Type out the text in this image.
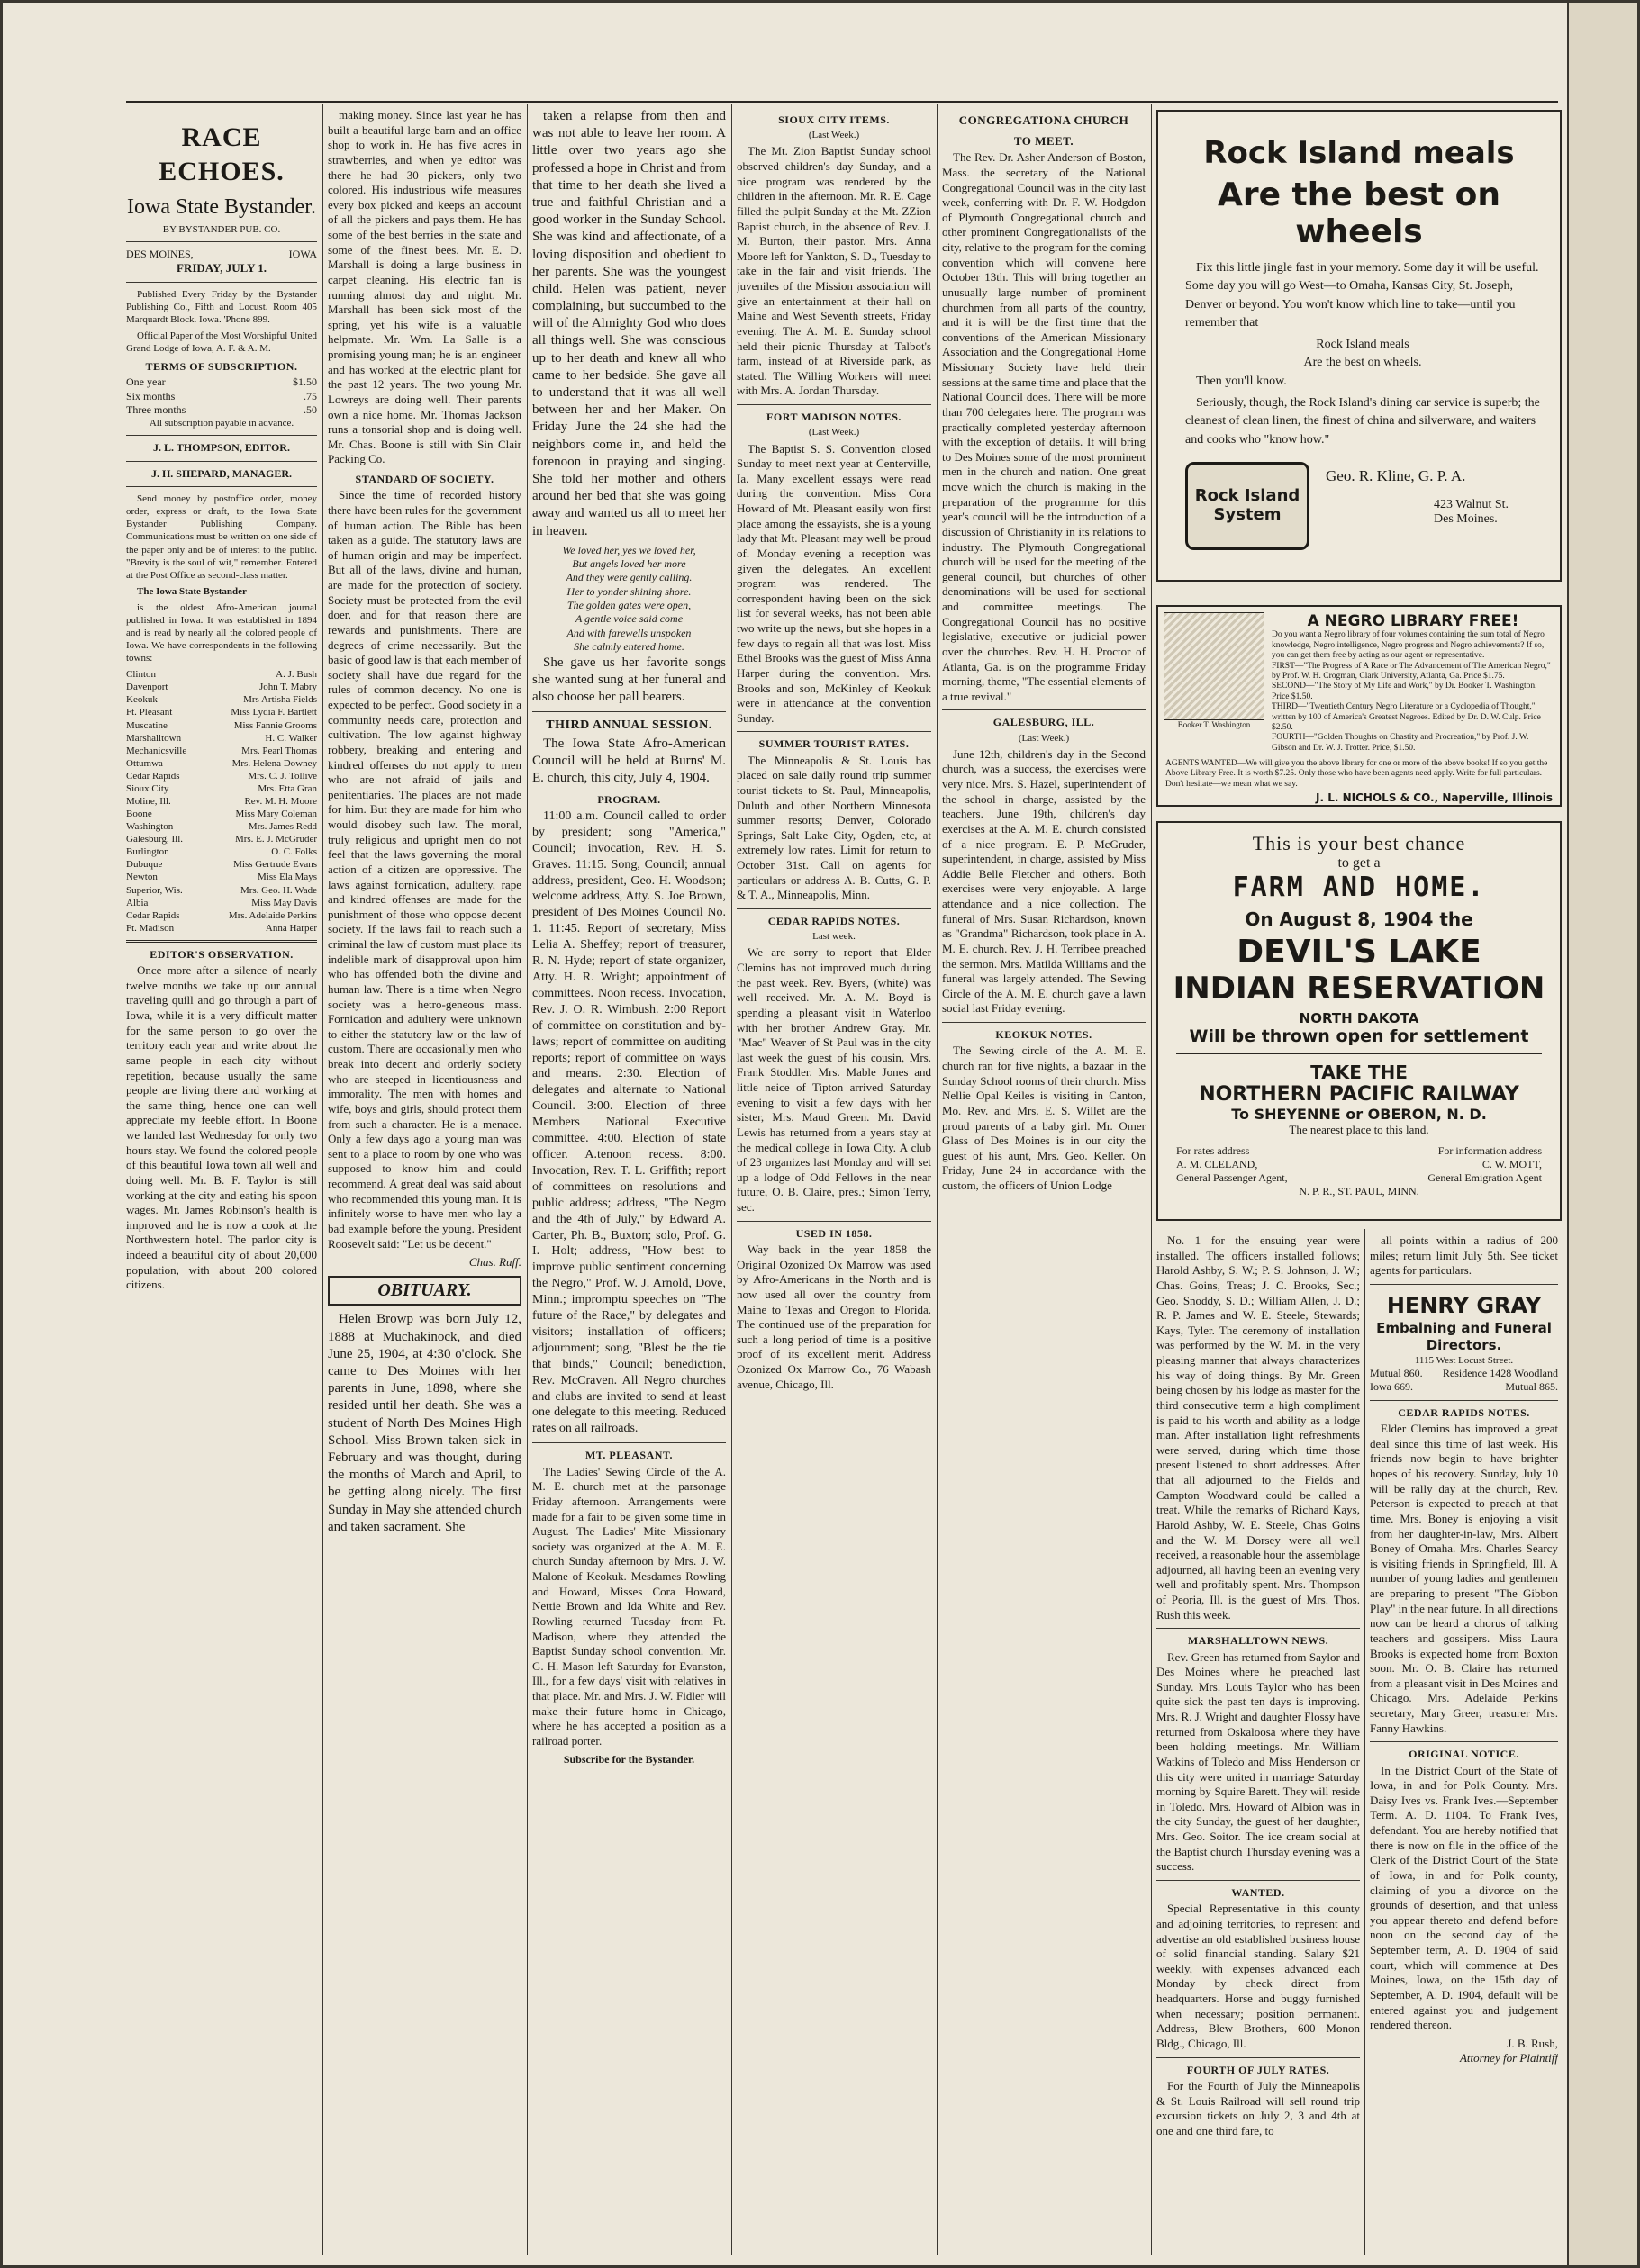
RACE ECHOES.
Iowa State Bystander.
BY BYSTANDER PUB. CO.
DES MOINES,	IOWA
FRIDAY, JULY 1.

Published Every Friday by the Bystander Publishing Co., Fifth and Locust. Room 405 Marquardt Block. Iowa. 'Phone 899.

Official Paper of the Most Worshipful United Grand Lodge of Iowa, A. F. & A. M.

TERMS OF SUBSCRIPTION.
One year	$1.50
Six months	.75
Three months	.50
All subscription payable in advance.
J. L. THOMPSON, EDITOR.
J. H. SHEPARD, MANAGER.

Send money by postoffice order, money order, express or draft, to the Iowa State Bystander Publishing Company. Communications must be written on one side of the paper only and be of interest to the public. "Brevity is the soul of wit," remember. Entered at the Post Office as second-class matter.

The Iowa State Bystander

is the oldest Afro-American journal published in Iowa. It was established in 1894 and is read by nearly all the colored people of Iowa. We have correspondents in the following towns:

Clinton	A. J. Bush
Davenport	John T. Mabry
Keokuk	Mrs Artisha Fields
Ft. Pleasant	Miss Lydia F. Bartlett
Muscatine	Miss Fannie Grooms
Marshalltown	H. C. Walker
Mechanicsville	Mrs. Pearl Thomas
Ottumwa	Mrs. Helena Downey
Cedar Rapids	Mrs. C. J. Tollive
Sioux City	Mrs. Etta Gran
Moline, Ill.	Rev. M. H. Moore
Boone	Miss Mary Coleman
Washington	Mrs. James Redd
Galesburg, Ill.	Mrs. E. J. McGruder
Burlington	O. C. Folks
Dubuque	Miss Gertrude Evans
Newton	Miss Ela Mays
Superior, Wis.	Mrs. Geo. H. Wade
Albia	Miss May Davis
Cedar Rapids	Mrs. Adelaide Perkins
Ft. Madison	Anna Harper
EDITOR'S OBSERVATION.

Once more after a silence of nearly twelve months we take up our annual traveling quill and go through a part of Iowa, while it is a very difficult matter for the same person to go over the territory each year and write about the same people in each city without repetition, because usually the same people are living there and working at the same thing, hence one can well appreciate my feeble effort. In Boone we landed last Wednesday for only two hours stay. We found the colored people of this beautiful Iowa town all well and doing well. Mr. B. F. Taylor is still working at the city and eating his spoon wages. Mr. James Robinson's health is improved and he is now a cook at the Northwestern hotel. The parlor city is indeed a beautiful city of about 20,000 population, with about 200 colored citizens.

making money. Since last year he has built a beautiful large barn and an office shop to work in. He has five acres in strawberries, and when ye editor was there he had 30 pickers, only two colored. His industrious wife measures every box picked and keeps an account of all the pickers and pays them. He has some of the best berries in the state and some of the finest bees. Mr. E. D. Marshall is doing a large business in carpet cleaning. His electric fan is running almost day and night. Mr. Marshall has been sick most of the spring, yet his wife is a valuable helpmate. Mr. Wm. La Salle is a promising young man; he is an engineer and has worked at the electric plant for the past 12 years. The two young Mr. Lowreys are doing well. Their parents own a nice home. Mr. Thomas Jackson runs a tonsorial shop and is doing well. Mr. Chas. Boone is still with Sin Clair Packing Co.

STANDARD OF SOCIETY.

Since the time of recorded history there have been rules for the government of human action. The Bible has been taken as a guide. The statutory laws are of human origin and may be imperfect. But all of the laws, divine and human, are made for the protection of society. Society must be protected from the evil doer, and for that reason there are rewards and punishments. There are degrees of crime necessarily. But the basic of good law is that each member of society shall have due regard for the rules of common decency. No one is expected to be perfect. Good society in a community needs care, protection and cultivation. The low against highway robbery, breaking and entering and kindred offenses do not apply to men who are not afraid of jails and penitentiaries. The places are not made for him. But they are made for him who would disobey such law. The moral, truly religious and upright men do not feel that the laws governing the moral action of a citizen are oppressive. The laws against fornication, adultery, rape and kindred offenses are made for the punishment of those who oppose decent society. If the laws fail to reach such a criminal the law of custom must place its indelible mark of disapproval upon him who has offended both the divine and human law. There is a time when Negro society was a hetro-geneous mass. Fornication and adultery were unknown to either the statutory law or the law of custom. There are occasionally men who break into decent and orderly society who are steeped in licentiousness and immorality. The men with homes and wife, boys and girls, should protect them from such a character. He is a menace. Only a few days ago a young man was sent to a place to room by one who was supposed to know him and could recommend. A great deal was said about who recommended this young man. It is infinitely worse to have men who lay a bad example before the young. President Roosevelt said: "Let us be decent."

Chas. Ruff.
OBITUARY.

Helen Browp was born July 12, 1888 at Muchakinock, and died June 25, 1904, at 4:30 o'clock. She came to Des Moines with her parents in June, 1898, where she resided until her death. She was a student of North Des Moines High School. Miss Brown taken sick in February and was thought, during the months of March and April, to be getting along nicely. The first Sunday in May she attended church and taken sacrament. She

taken a relapse from then and was not able to leave her room. A little over two years ago she professed a hope in Christ and from that time to her death she lived a true and faithful Christian and a good worker in the Sunday School. She was kind and affectionate, of a loving disposition and obedient to her parents. She was the youngest child. Helen was patient, never complaining, but succumbed to the will of the Almighty God who does all things well. She was conscious up to her death and knew all who came to her bedside. She gave all to understand that it was all well between her and her Maker. On Friday June the 24 she had the neighbors come in, and held the forenoon in praying and singing. She told her mother and others around her bed that she was going away and wanted us all to meet her in heaven.

We loved her, yes we loved her,
But angels loved her more
And they were gently calling.
Her to yonder shining shore.
The golden gates were open,
A gentle voice said come
And with farewells unspoken
She calmly entered home.

She gave us her favorite songs she wanted sung at her funeral and also choose her pall bearers.

THIRD ANNUAL SESSION.

The Iowa State Afro-American Council will be held at Burns' M. E. church, this city, July 4, 1904.

PROGRAM.

11:00 a.m. Council called to order by president; song "America," Council; invocation, Rev. H. S. Graves. 11:15. Song, Council; annual address, president, Geo. H. Woodson; welcome address, Atty. S. Joe Brown, president of Des Moines Council No. 1. 11:45. Report of secretary, Miss Lelia A. Sheffey; report of treasurer, R. N. Hyde; report of state organizer, Atty. H. R. Wright; appointment of committees. Noon recess. Invocation, Rev. J. O. R. Wimbush. 2:00 Report of committee on constitution and by-laws; report of committee on auditing reports; report of committee on ways and means. 2:30. Election of delegates and alternate to National Council. 3:00. Election of three Members National Executive committee. 4:00. Election of state officer. A.tenoon recess. 8:00. Invocation, Rev. T. L. Griffith; report of committees on resolutions and public address; address, "The Negro and the 4th of July," by Edward A. Carter, Ph. B., Buxton; solo, Prof. G. I. Holt; address, "How best to improve public sentiment concerning the Negro," Prof. W. J. Arnold, Dove, Minn.; impromptu speeches on "The future of the Race," by delegates and visitors; installation of officers; adjournment; song, "Blest be the tie that binds," Council; benediction, Rev. McCraven. All Negro churches and clubs are invited to send at least one delegate to this meeting. Reduced rates on all railroads.

MT. PLEASANT.

The Ladies' Sewing Circle of the A. M. E. church met at the parsonage Friday afternoon. Arrangements were made for a fair to be given some time in August. The Ladies' Mite Missionary society was organized at the A. M. E. church Sunday afternoon by Mrs. J. W. Malone of Keokuk. Mesdames Rowling and Howard, Misses Cora Howard, Nettie Brown and Ida White and Rev. Rowling returned Tuesday from Ft. Madison, where they attended the Baptist Sunday school convention. Mr. G. H. Mason left Saturday for Evanston, Ill., for a few days' visit with relatives in that place. Mr. and Mrs. J. W. Fidler will make their future home in Chicago, where he has accepted a position as a railroad porter.

Subscribe for the Bystander.
SIOUX CITY ITEMS.
(Last Week.)

The Mt. Zion Baptist Sunday school observed children's day Sunday, and a nice program was rendered by the children in the afternoon. Mr. R. E. Cage filled the pulpit Sunday at the Mt. ZZion Baptist church, in the absence of Rev. J. M. Burton, their pastor. Mrs. Anna Moore left for Yankton, S. D., Tuesday to take in the fair and visit friends. The juveniles of the Mission association will give an entertainment at their hall on Maine and West Seventh streets, Friday evening. The A. M. E. Sunday school held their picnic Thursday at Talbot's farm, instead of at Riverside park, as stated. The Willing Workers will meet with Mrs. A. Jordan Thursday.

FORT MADISON NOTES.
(Last Week.)

The Baptist S. S. Convention closed Sunday to meet next year at Centerville, Ia. Many excellent essays were read during the convention. Miss Cora Howard of Mt. Pleasant easily won first place among the essayists, she is a young lady that Mt. Pleasant may well be proud of. Monday evening a reception was given the delegates. An excellent program was rendered. The correspondent having been on the sick list for several weeks, has not been able two write up the news, but she hopes in a few days to regain all that was lost. Miss Ethel Brooks was the guest of Miss Anna Harper during the convention. Mrs. Brooks and son, McKinley of Keokuk were in attendance at the convention Sunday.

SUMMER TOURIST RATES.

The Minneapolis & St. Louis has placed on sale daily round trip summer tourist tickets to St. Paul, Minneapolis, Duluth and other Northern Minnesota summer resorts; Denver, Colorado Springs, Salt Lake City, Ogden, etc, at extremely low rates. Limit for return to October 31st. Call on agents for particulars or address A. B. Cutts, G. P. & T. A., Minneapolis, Minn.

CEDAR RAPIDS NOTES.
Last week.

We are sorry to report that Elder Clemins has not improved much during the past week. Rev. Byers, (white) was well received. Mr. A. M. Boyd is spending a pleasant visit in Waterloo with her brother Andrew Gray. Mr. "Mac" Weaver of St Paul was in the city last week the guest of his cousin, Mrs. Frank Stoddler. Mrs. Mable Jones and little neice of Tipton arrived Saturday evening to visit a few days with her sister, Mrs. Maud Green. Mr. David Lewis has returned from a years stay at the medical college in Iowa City. A club of 23 organizes last Monday and will set up a lodge of Odd Fellows in the near future, O. B. Claire, pres.; Simon Terry, sec.

USED IN 1858.

Way back in the year 1858 the Original Ozonized Ox Marrow was used by Afro-Americans in the North and is now used all over the country from Maine to Texas and Oregon to Florida. The continued use of the preparation for such a long period of time is a positive proof of its excellent merit. Address Ozonized Ox Marrow Co., 76 Wabash avenue, Chicago, Ill.

CONGREGATIONA CHURCH
TO MEET.

The Rev. Dr. Asher Anderson of Boston, Mass. the secretary of the National Congregational Council was in the city last week, conferring with Dr. F. W. Hodgdon of Plymouth Congregational church and other prominent Congregationalists of the city, relative to the program for the coming convention which will convene here October 13th. This will bring together an unusually large number of prominent churchmen from all parts of the country, and it is will be the first time that the conventions of the American Missionary Association and the Congregational Home Missionary Society have held their sessions at the same time and place that the National Council does. There will be more than 700 delegates here. The program was practically completed yesterday afternoon with the exception of details. It will bring to Des Moines some of the most prominent men in the church and nation. One great move which the church is making in the preparation of the programme for this year's council will be the introduction of a discussion of Christianity in its relations to industry. The Plymouth Congregational church will be used for the meeting of the general council, but churches of other denominations will be used for sectional and committee meetings. The Congregational Council has no positive legislative, executive or judicial power over the churches. Rev. H. H. Proctor of Atlanta, Ga. is on the programme Friday morning, theme, "The essential elements of a true revival."

GALESBURG, ILL.
(Last Week.)

June 12th, children's day in the Second church, was a success, the exercises were very nice. Mrs. S. Hazel, superintendent of the school in charge, assisted by the teachers. June 19th, children's day exercises at the A. M. E. church consisted of a nice program. E. P. McGruder, superintendent, in charge, assisted by Miss Addie Belle Fletcher and others. Both exercises were very enjoyable. A large attendance and a nice collection. The funeral of Mrs. Susan Richardson, known as "Grandma" Richardson, took place in A. M. E. church. Rev. J. H. Terribee preached the sermon. Mrs. Matilda Williams and the funeral was largely attended. The Sewing Circle of the A. M. E. church gave a lawn social last Friday evening.

KEOKUK NOTES.

The Sewing circle of the A. M. E. church ran for five nights, a bazaar in the Sunday School rooms of their church. Miss Nellie Opal Keiles is visiting in Canton, Mo. Rev. and Mrs. E. S. Willet are the proud parents of a baby girl. Mr. Omer Glass of Des Moines is in our city the guest of his aunt, Mrs. Geo. Keller. On Friday, June 24 in accordance with the custom, the officers of Union Lodge

Rock Island meals
Are the best on wheels

Fix this little jingle fast in your memory. Some day it will be useful. Some day you will go West—to Omaha, Kansas City, St. Joseph, Denver or beyond. You won't know which line to take—until you remember that

Rock Island meals
Are the best on wheels.

Then you'll know.

Seriously, though, the Rock Island's dining car service is superb; the cleanest of clean linen, the finest of china and silverware, and waiters and cooks who "know how."

Rock Island
System
Geo. R. Kline, G. P. A.
423 Walnut St.
Des Moines.
Booker T. Washington
A NEGRO LIBRARY FREE!
Do you want a Negro library of four volumes containing the sum total of Negro knowledge, Negro intelligence, Negro progress and Negro achievements? If so, you can get them free by acting as our agent or representative.
FIRST—"The Progress of A Race or The Advancement of The American Negro," by Prof. W. H. Crogman, Clark University, Atlanta, Ga. Price $1.75.
SECOND—"The Story of My Life and Work," by Dr. Booker T. Washington. Price $1.50.
THIRD—"Twentieth Century Negro Literature or a Cyclopedia of Thought," written by 100 of America's Greatest Negroes. Edited by Dr. D. W. Culp. Price $2.50.
FOURTH—"Golden Thoughts on Chastity and Procreation," by Prof. J. W. Gibson and Dr. W. J. Trotter. Price, $1.50.
AGENTS WANTED—We will give you the above library for one or more of the above books! If so you get the Above Library Free. It is worth $7.25. Only those who have been agents need apply. Write for full particulars. Don't hesitate—we mean what we say.
J. L. NICHOLS & CO., Naperville, Illinois
This is your best chance
to get a
FARM AND HOME.
On August 8, 1904 the
DEVIL'S LAKE
INDIAN RESERVATION
NORTH DAKOTA
Will be thrown open for settlement
TAKE THE
NORTHERN PACIFIC RAILWAY
To SHEYENNE or OBERON, N. D.
The nearest place to this land.
For rates address
A. M. CLELAND,
General Passenger Agent,
For information address
C. W. MOTT,
General Emigration Agent
N. P. R., ST. PAUL, MINN.

No. 1 for the ensuing year were installed. The officers installed follows; Harold Ashby, S. W.; P. S. Johnson, J. W.; Chas. Goins, Treas; J. C. Brooks, Sec.; Geo. Snoddy, S. D.; William Allen, J. D.; R. P. James and W. E. Steele, Stewards; Kays, Tyler. The ceremony of installation was performed by the W. M. in the very pleasing manner that always characterizes his way of doing things. By Mr. Green being chosen by his lodge as master for the third consecutive term a high compliment is paid to his worth and ability as a lodge man. After installation light refreshments were served, during which time those present listened to short addresses. After that all adjourned to the Fields and Campton Woodward could be called a treat. While the remarks of Richard Kays, Harold Ashby, W. E. Steele, Chas Goins and the W. M. Dorsey were all well received, a reasonable hour the assemblage adjourned, all having been an evening very well and profitably spent. Mrs. Thompson of Peoria, Ill. is the guest of Mrs. Thos. Rush this week.

MARSHALLTOWN NEWS.

Rev. Green has returned from Saylor and Des Moines where he preached last Sunday. Mrs. Louis Taylor who has been quite sick the past ten days is improving. Mrs. R. J. Wright and daughter Flossy have returned from Oskaloosa where they have been holding meetings. Mr. William Watkins of Toledo and Miss Henderson or this city were united in marriage Saturday morning by Squire Barett. They will reside in Toledo. Mrs. Howard of Albion was in the city Sunday, the guest of her daughter, Mrs. Geo. Soitor. The ice cream social at the Baptist church Thursday evening was a success.

WANTED.

Special Representative in this county and adjoining territories, to represent and advertise an old established business house of solid financial standing. Salary $21 weekly, with expenses advanced each Monday by check direct from headquarters. Horse and buggy furnished when necessary; position permanent. Address, Blew Brothers, 600 Monon Bldg., Chicago, Ill.

FOURTH OF JULY RATES.

For the Fourth of July the Minneapolis & St. Louis Railroad will sell round trip excursion tickets on July 2, 3 and 4th at one and one third fare, to

all points within a radius of 200 miles; return limit July 5th. See ticket agents for particulars.

HENRY GRAY
Embalning and Funeral Directors.
1115 West Locust Street.
Mutual 860. Residence 1428 Woodland
Iowa 669.	Mutual 865.
CEDAR RAPIDS NOTES.

Elder Clemins has improved a great deal since this time of last week. His friends now begin to have brighter hopes of his recovery. Sunday, July 10 will be rally day at the church, Rev. Peterson is expected to preach at that time. Mrs. Boney is enjoying a visit from her daughter-in-law, Mrs. Albert Boney of Omaha. Mrs. Charles Searcy is visiting friends in Springfield, Ill. A number of young ladies and gentlemen are preparing to present "The Gibbon Play" in the near future. In all directions now can be heard a chorus of talking teachers and gossipers. Miss Laura Brooks is expected home from Boxton soon. Mr. O. B. Claire has returned from a pleasant visit in Des Moines and Chicago. Mrs. Adelaide Perkins secretary, Mary Greer, treasurer Mrs. Fanny Hawkins.

ORIGINAL NOTICE.

In the District Court of the State of Iowa, in and for Polk County. Mrs. Daisy Ives vs. Frank Ives.—September Term. A. D. 1104. To Frank Ives, defendant. You are hereby notified that there is now on file in the office of the Clerk of the District Court of the State of Iowa, in and for Polk county, claiming of you a divorce on the grounds of desertion, and that unless you appear thereto and defend before noon on the second day of the September term, A. D. 1904 of said court, which will commence at Des Moines, Iowa, on the 15th day of September, A. D. 1904, default will be entered against you and judgement rendered thereon.

J. B. Rush,
Attorney for Plaintiff
